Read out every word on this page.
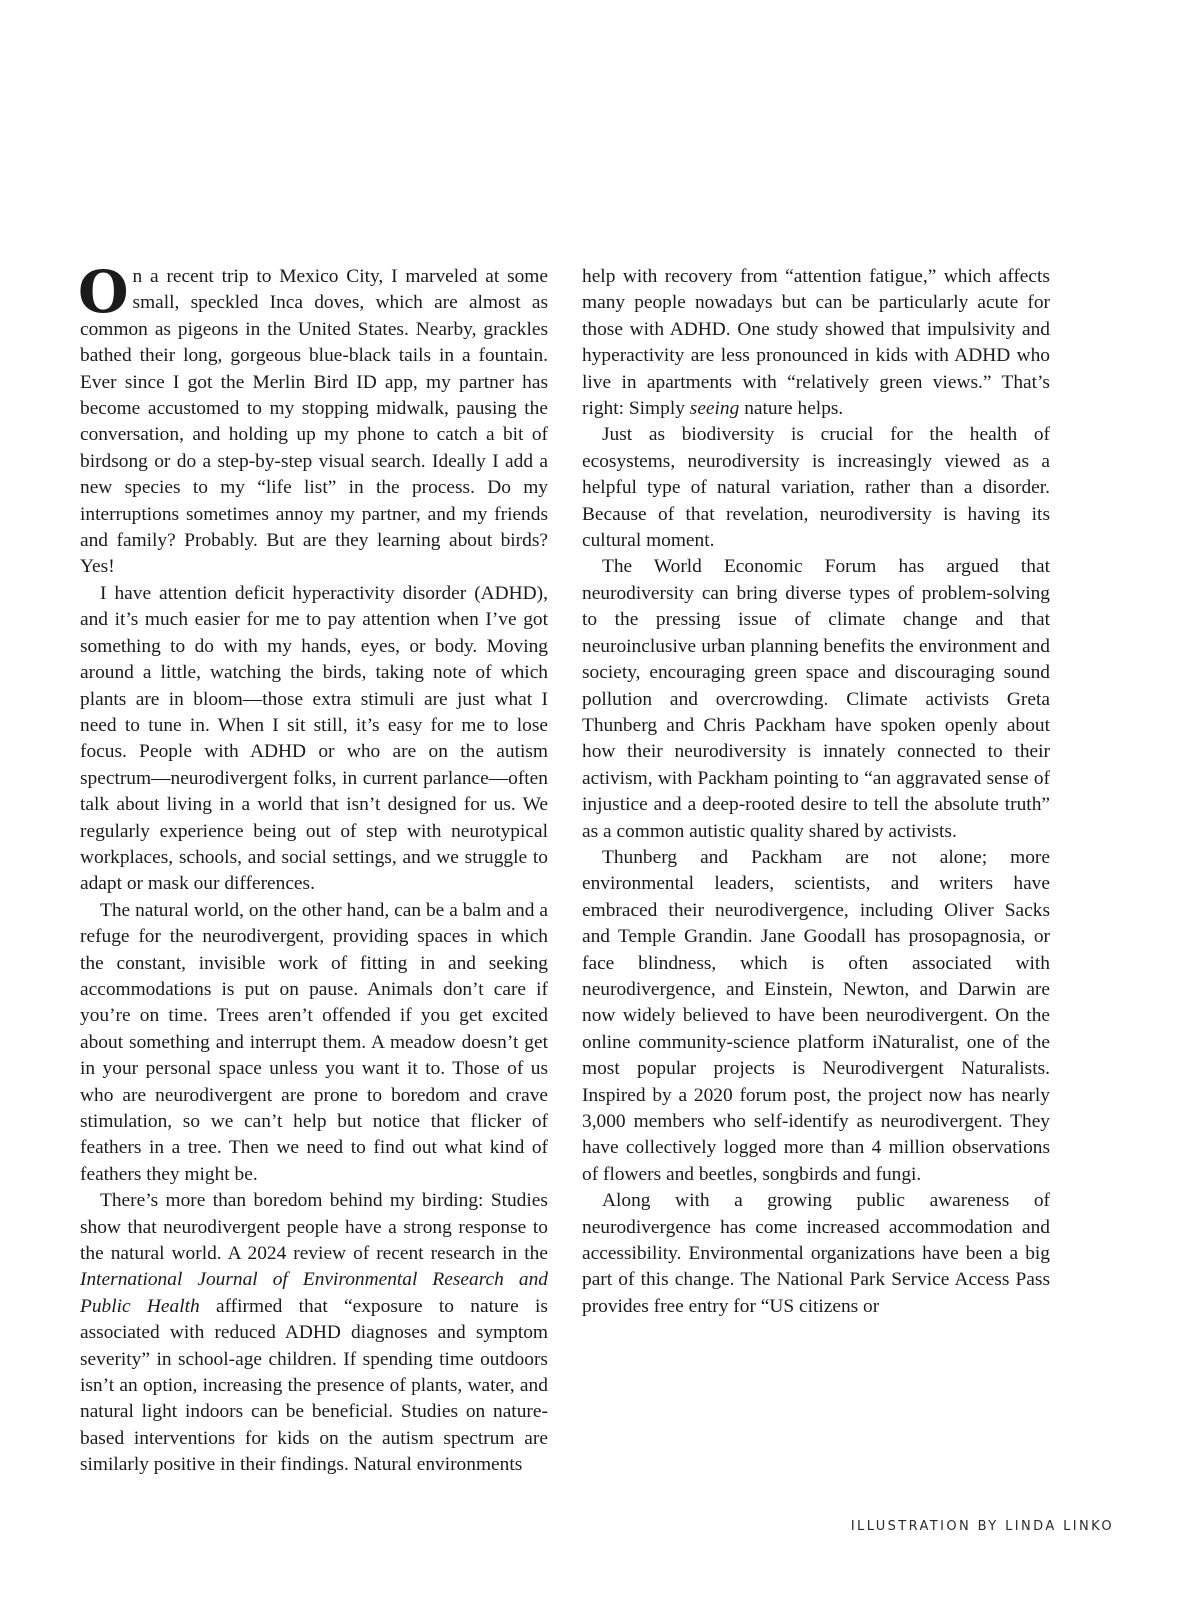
On a recent trip to Mexico City, I marveled at some small, speckled Inca doves, which are almost as common as pigeons in the United States. Nearby, grackles bathed their long, gorgeous blue-black tails in a fountain. Ever since I got the Merlin Bird ID app, my partner has become accustomed to my stopping midwalk, pausing the conversation, and holding up my phone to catch a bit of birdsong or do a step-by-step visual search. Ideally I add a new species to my “life list” in the process. Do my interruptions sometimes annoy my partner, and my friends and family? Probably. But are they learning about birds? Yes!

I have attention deficit hyperactivity disorder (ADHD), and it’s much easier for me to pay attention when I’ve got something to do with my hands, eyes, or body. Moving around a little, watching the birds, taking note of which plants are in bloom—those extra stimuli are just what I need to tune in. When I sit still, it’s easy for me to lose focus. People with ADHD or who are on the autism spectrum—neurodivergent folks, in current parlance—often talk about living in a world that isn’t designed for us. We regularly experience being out of step with neurotypical workplaces, schools, and social settings, and we struggle to adapt or mask our differences.

The natural world, on the other hand, can be a balm and a refuge for the neurodivergent, providing spaces in which the constant, invisible work of fitting in and seeking accommodations is put on pause. Animals don’t care if you’re on time. Trees aren’t offended if you get excited about something and interrupt them. A meadow doesn’t get in your personal space unless you want it to. Those of us who are neurodivergent are prone to boredom and crave stimulation, so we can’t help but notice that flicker of feathers in a tree. Then we need to find out what kind of feathers they might be.

There’s more than boredom behind my birding: Studies show that neurodivergent people have a strong response to the natural world. A 2024 review of recent research in the International Journal of Environmental Research and Public Health affirmed that “exposure to nature is associated with reduced ADHD diagnoses and symptom severity” in school-age children. If spending time outdoors isn’t an option, increasing the presence of plants, water, and natural light indoors can be beneficial. Studies on nature-based interventions for kids on the autism spectrum are similarly positive in their findings. Natural environments

help with recovery from “attention fatigue,” which affects many people nowadays but can be particularly acute for those with ADHD. One study showed that impulsivity and hyperactivity are less pronounced in kids with ADHD who live in apartments with “relatively green views.” That’s right: Simply seeing nature helps.

Just as biodiversity is crucial for the health of ecosystems, neurodiversity is increasingly viewed as a helpful type of natural variation, rather than a disorder. Because of that revelation, neurodiversity is having its cultural moment.

The World Economic Forum has argued that neurodiversity can bring diverse types of problem-solving to the pressing issue of climate change and that neuroinclusive urban planning benefits the environment and society, encouraging green space and discouraging sound pollution and overcrowding. Climate activists Greta Thunberg and Chris Packham have spoken openly about how their neurodiversity is innately connected to their activism, with Packham pointing to “an aggravated sense of injustice and a deep-rooted desire to tell the absolute truth” as a common autistic quality shared by activists.

Thunberg and Packham are not alone; more environmental leaders, scientists, and writers have embraced their neurodivergence, including Oliver Sacks and Temple Grandin. Jane Goodall has prosopagnosia, or face blindness, which is often associated with neurodivergence, and Einstein, Newton, and Darwin are now widely believed to have been neurodivergent. On the online community-science platform iNaturalist, one of the most popular projects is Neurodivergent Naturalists. Inspired by a 2020 forum post, the project now has nearly 3,000 members who self-identify as neurodivergent. They have collectively logged more than 4 million observations of flowers and beetles, songbirds and fungi.

Along with a growing public awareness of neurodivergence has come increased accommodation and accessibility. Environmental organizations have been a big part of this change. The National Park Service Access Pass provides free entry for “US citizens or

ILLUSTRATION BY LINDA LINKO
